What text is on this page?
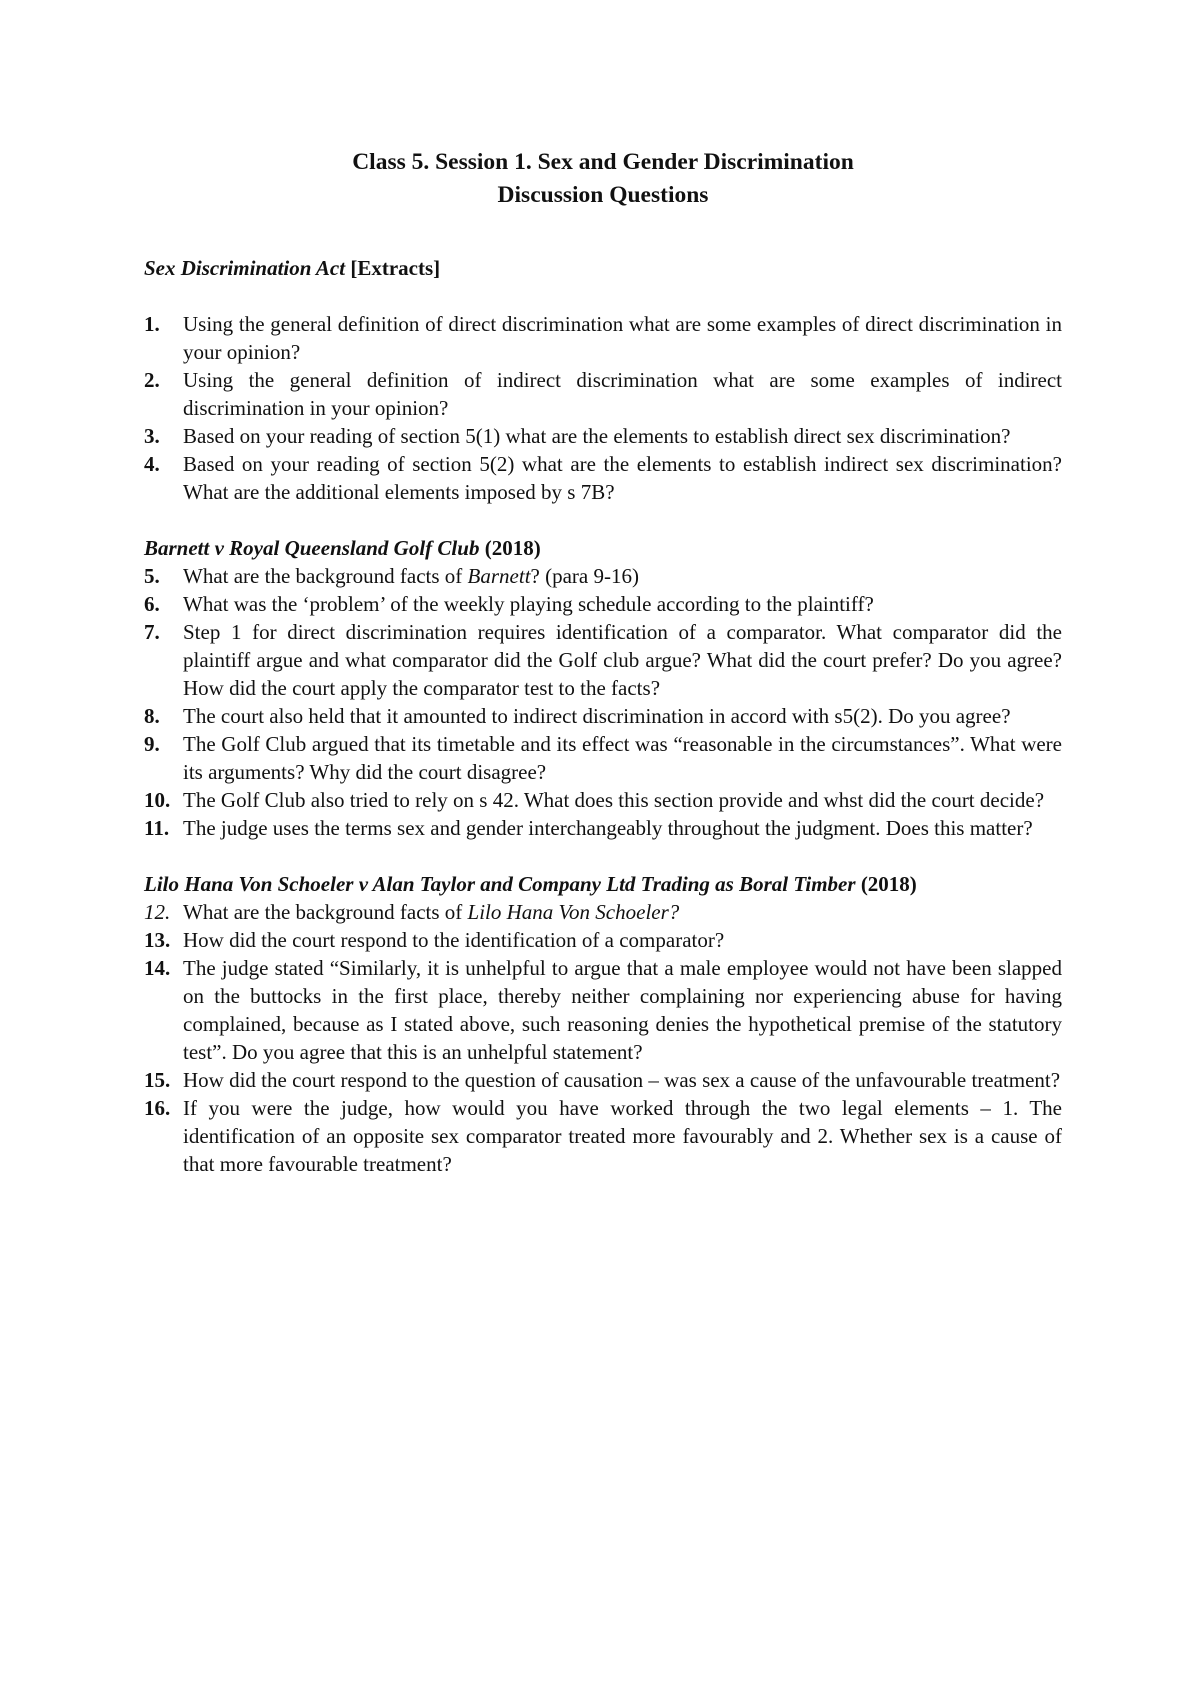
Class 5. Session 1. Sex and Gender Discrimination
Discussion Questions

Sex Discrimination Act [Extracts]

1.	Using the general definition of direct discrimination what are some examples of direct discrimination in your opinion?
2.	Using the general definition of indirect discrimination what are some examples of indirect discrimination in your opinion?
3.	Based on your reading of section 5(1) what are the elements to establish direct sex discrimination?
4.	Based on your reading of section 5(2) what are the elements to establish indirect sex discrimination? What are the additional elements imposed by s 7B?

Barnett v Royal Queensland Golf Club (2018)

5.	What are the background facts of Barnett? (para 9-16)
6.	What was the ‘problem’ of the weekly playing schedule according to the plaintiff?
7.	Step 1 for direct discrimination requires identification of a comparator. What comparator did the plaintiff argue and what comparator did the Golf club argue? What did the court prefer? Do you agree? How did the court apply the comparator test to the facts?
8.	The court also held that it amounted to indirect discrimination in accord with s5(2). Do you agree?
9.	The Golf Club argued that its timetable and its effect was “reasonable in the circumstances”. What were its arguments? Why did the court disagree?
10. The Golf Club also tried to rely on s 42. What does this section provide and whst did the court decide?
11. The judge uses the terms sex and gender interchangeably throughout the judgment. Does this matter?

Lilo Hana Von Schoeler v Alan Taylor and Company Ltd Trading as Boral Timber (2018)

12. What are the background facts of Lilo Hana Von Schoeler?
13. How did the court respond to the identification of a comparator?
14. The judge stated “Similarly, it is unhelpful to argue that a male employee would not have been slapped on the buttocks in the first place, thereby neither complaining nor experiencing abuse for having complained, because as I stated above, such reasoning denies the hypothetical premise of the statutory test”. Do you agree that this is an unhelpful statement?
15. How did the court respond to the question of causation – was sex a cause of the unfavourable treatment?
16. If you were the judge, how would you have worked through the two legal elements – 1. The identification of an opposite sex comparator treated more favourably and 2. Whether sex is a cause of that more favourable treatment?
